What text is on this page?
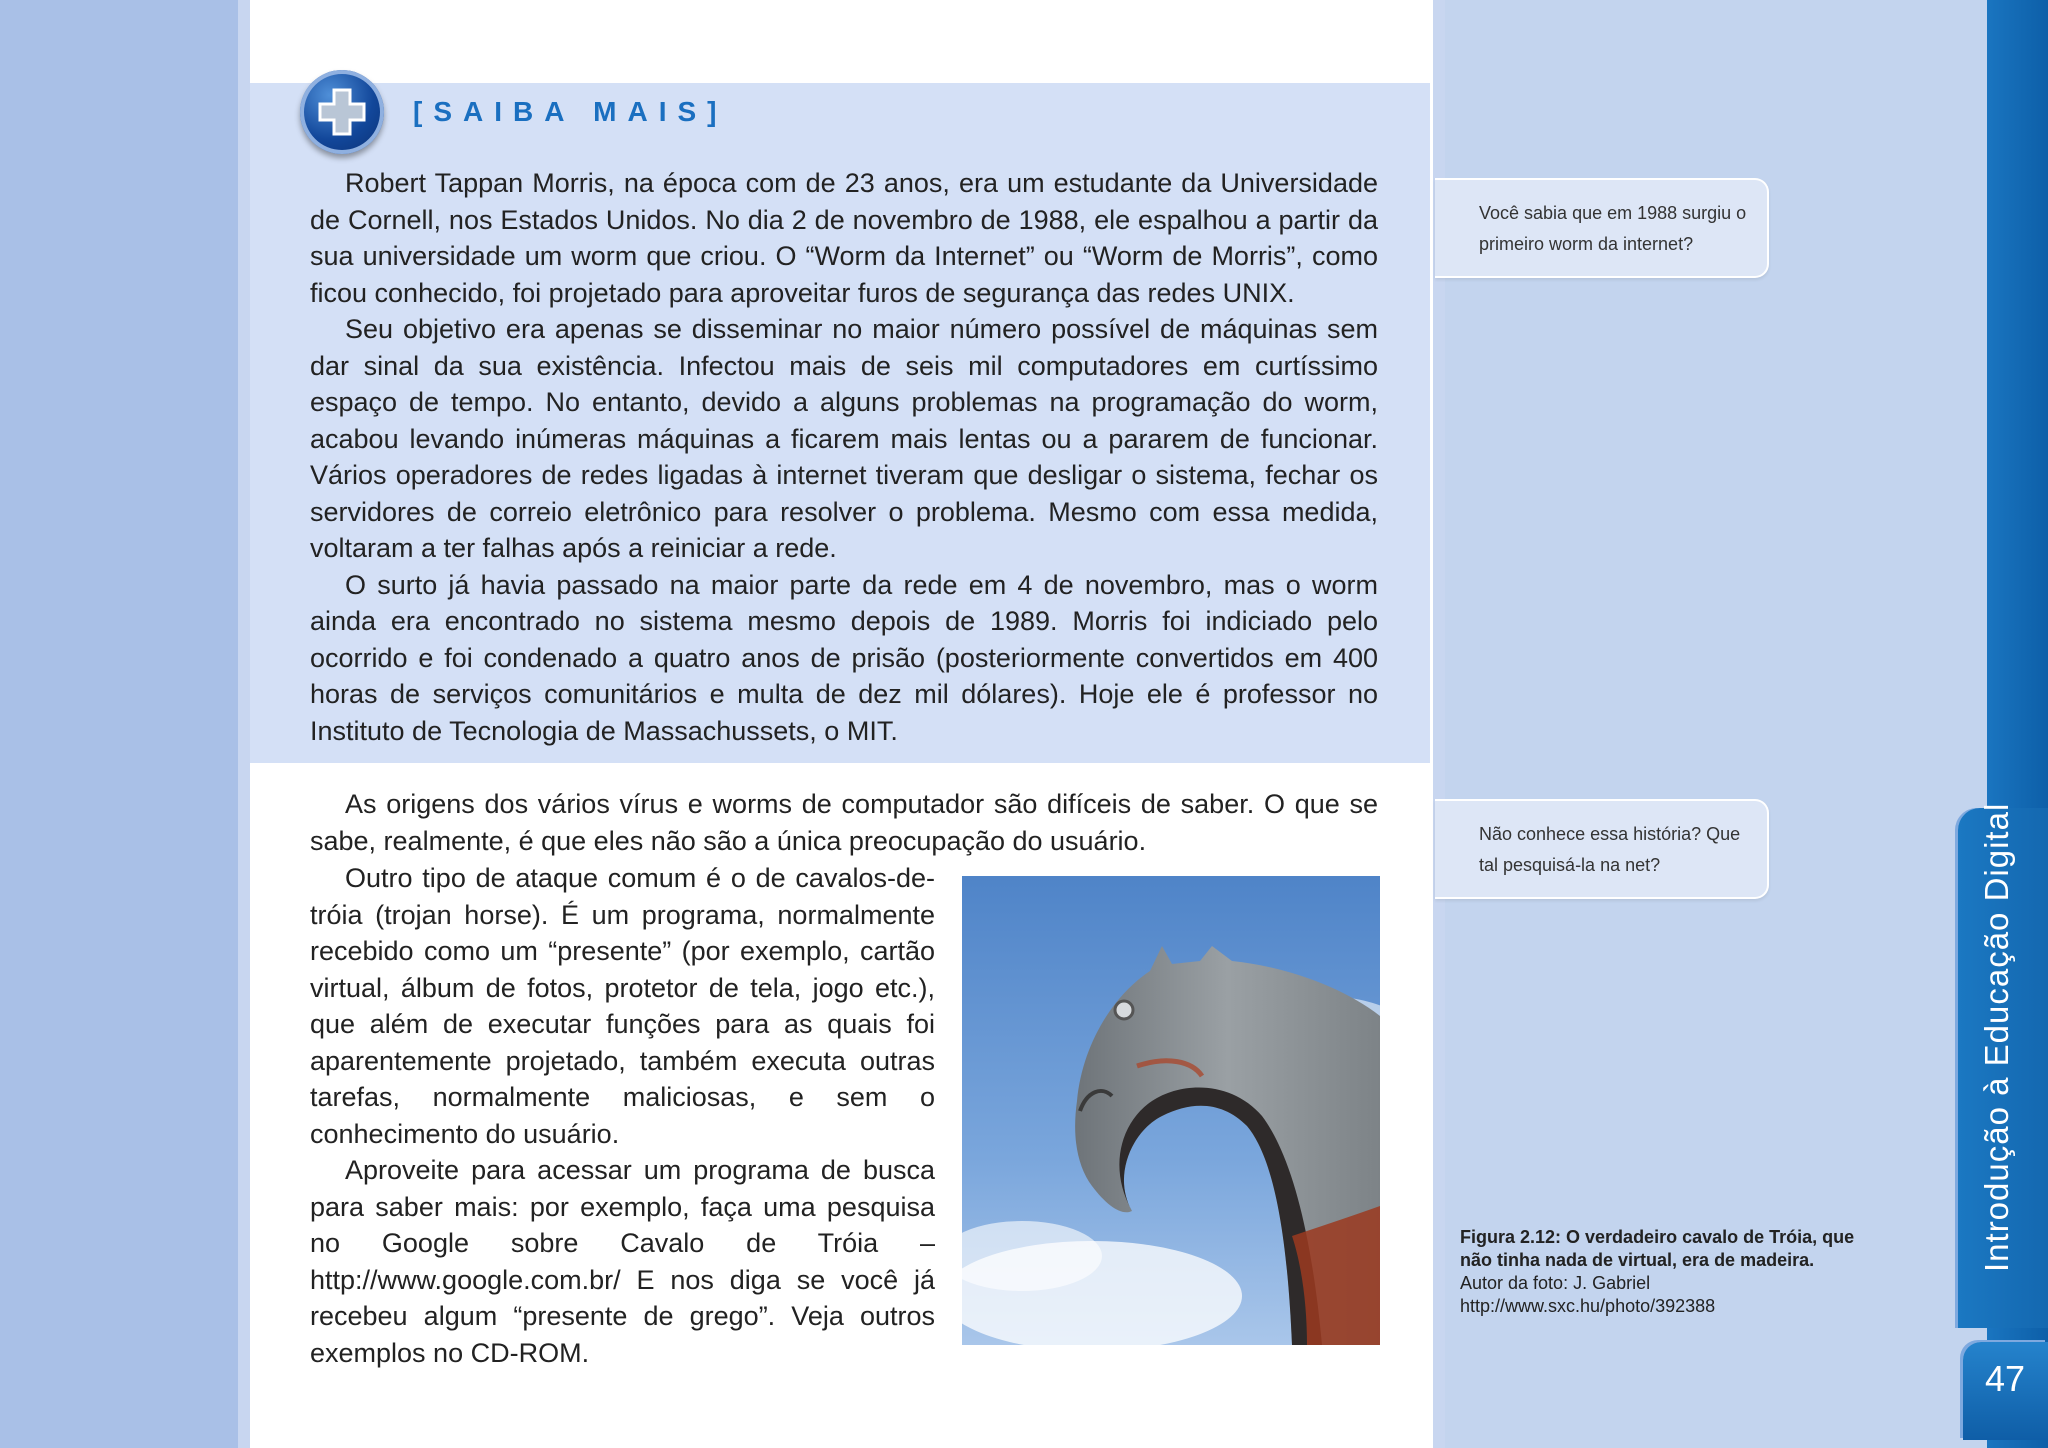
[SAIBA MAIS]

Robert Tappan Morris, na época com de 23 anos, era um estudante da Universidade de Cornell, nos Estados Unidos. No dia 2 de novembro de 1988, ele espalhou a partir da sua universidade um worm que criou. O “Worm da Internet” ou “Worm de Morris”, como ficou conhecido, foi projetado para aproveitar furos de segurança das redes UNIX.

Seu objetivo era apenas se disseminar no maior número possível de máquinas sem dar sinal da sua existência. Infectou mais de seis mil computadores em curtíssimo espaço de tempo. No entanto, devido a alguns problemas na programação do worm, acabou levando inúmeras máquinas a ficarem mais lentas ou a pararem de funcionar. Vários operadores de redes ligadas à internet tiveram que desligar o sistema, fechar os servidores de correio eletrônico para resolver o problema. Mesmo com essa medida, voltaram a ter falhas após a reiniciar a rede.

O surto já havia passado na maior parte da rede em 4 de novembro, mas o worm ainda era encontrado no sistema mesmo depois de 1989. Morris foi indiciado pelo ocorrido e foi condenado a quatro anos de prisão (posteriormente convertidos em 400 horas de serviços comunitários e multa de dez mil dólares). Hoje ele é professor no Instituto de Tecnologia de Massachussets, o MIT.

As origens dos vários vírus e worms de computador são difíceis de saber. O que se sabe, realmente, é que eles não são a única preocupação do usuário.

Outro tipo de ataque comum é o de cavalos-de-tróia (trojan horse). É um programa, normalmente recebido como um “presente” (por exemplo, cartão virtual, álbum de fotos, protetor de tela, jogo etc.), que além de executar funções para as quais foi aparentemente projetado, também executa outras tarefas, normalmente maliciosas, e sem o conhecimento do usuário.

Aproveite para acessar um programa de busca para saber mais: por exemplo, faça uma pesquisa no Google sobre Cavalo de Tróia – http://www.google.com.br/ E nos diga se você já recebeu algum “presente de grego”. Veja outros exemplos no CD-ROM.

Você sabia que em 1988 surgiu o primeiro worm da internet?
Não conhece essa história? Que tal pesquisá-la na net?
Figura 2.12: O verdadeiro cavalo de Tróia, que não tinha nada de virtual, era de madeira.
Autor da foto: J. Gabriel http://www.sxc.hu/photo/392388
Introdução à Educação Digital
47
